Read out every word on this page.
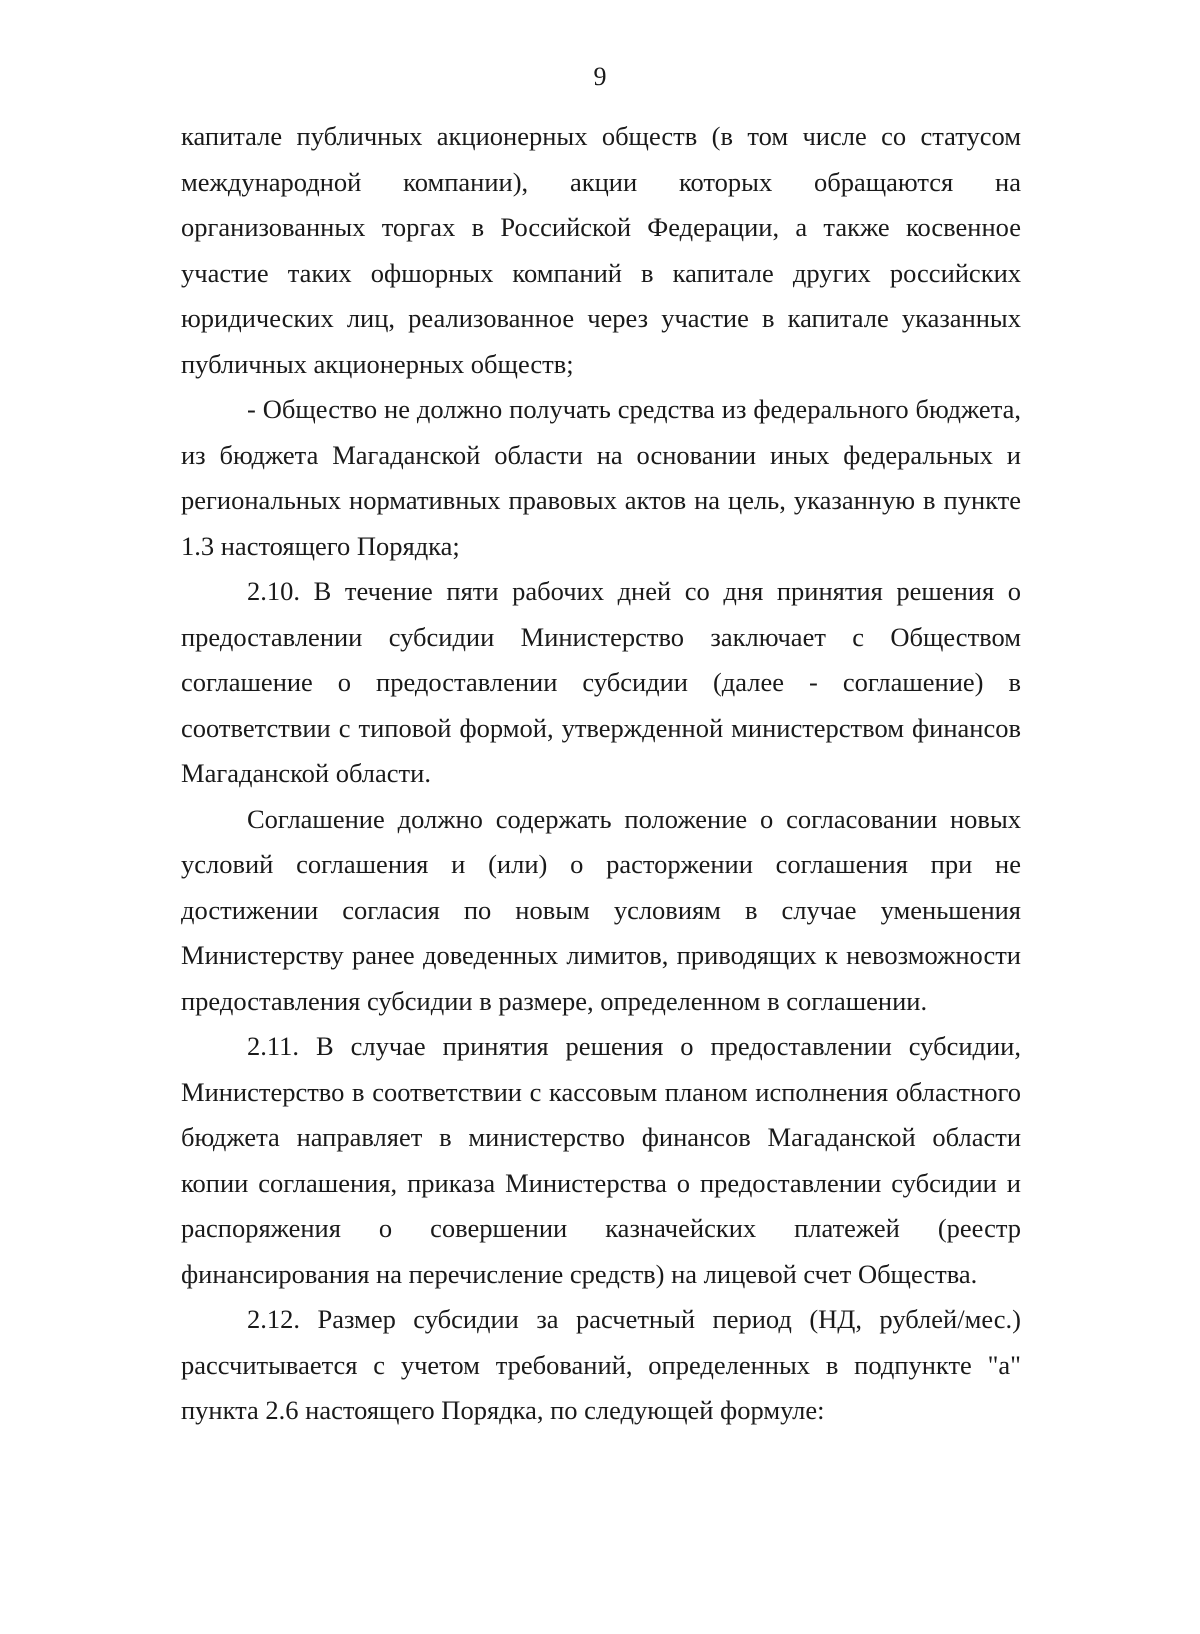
9

капитале публичных акционерных обществ (в том числе со статусом международной компании), акции которых обращаются на организованных торгах в Российской Федерации, а также косвенное участие таких офшорных компаний в капитале других российских юридических лиц, реализованное через участие в капитале указанных публичных акционерных обществ;

- Общество не должно получать средства из федерального бюджета, из бюджета Магаданской области на основании иных федеральных и региональных нормативных правовых актов на цель, указанную в пункте 1.3 настоящего Порядка;

2.10. В течение пяти рабочих дней со дня принятия решения о предоставлении субсидии Министерство заключает с Обществом соглашение о предоставлении субсидии (далее - соглашение) в соответствии с типовой формой, утвержденной министерством финансов Магаданской области.

Соглашение должно содержать положение о согласовании новых условий соглашения и (или) о расторжении соглашения при не достижении согласия по новым условиям в случае уменьшения Министерству ранее доведенных лимитов, приводящих к невозможности предоставления субсидии в размере, определенном в соглашении.

2.11. В случае принятия решения о предоставлении субсидии, Министерство в соответствии с кассовым планом исполнения областного бюджета направляет в министерство финансов Магаданской области копии соглашения, приказа Министерства о предоставлении субсидии и распоряжения о совершении казначейских платежей (реестр финансирования на перечисление средств) на лицевой счет Общества.

2.12. Размер субсидии за расчетный период (НД, рублей/мес.) рассчитывается с учетом требований, определенных в подпункте "а" пункта 2.6 настоящего Порядка, по следующей формуле:
